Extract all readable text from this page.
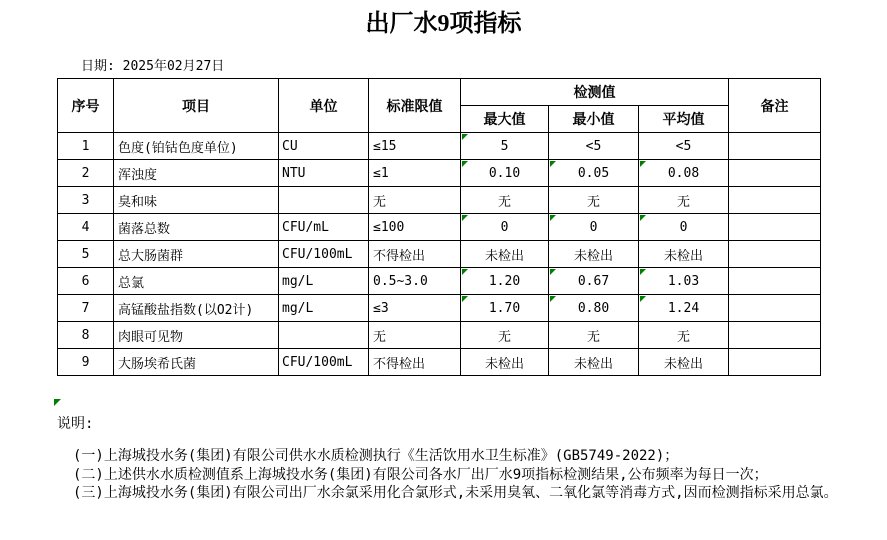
出厂水9项指标
日期: 2025年02月27日
序号	项目	单位	标准限值	检测值			备注
				最大值	最小值	平均值	
1	色度(铂钴色度单位)	CU	≤15	5	<5	<5	
2	浑浊度	NTU	≤1	0.10	0.05	0.08	
3	臭和味		无	无	无	无	
4	菌落总数	CFU/mL	≤100	0	0	0	
5	总大肠菌群	CFU/100mL	不得检出	未检出	未检出	未检出	
6	总氯	mg/L	0.5~3.0	1.20	0.67	1.03	
7	高锰酸盐指数(以O2计)	mg/L	≤3	1.70	0.80	1.24	
8	肉眼可见物		无	无	无	无	
9	大肠埃希氏菌	CFU/100mL	不得检出	未检出	未检出	未检出	
说明:
(一)上海城投水务(集团)有限公司供水水质检测执行《生活饮用水卫生标准》(GB5749-2022)；
(二)上述供水水质检测值系上海城投水务(集团)有限公司各水厂出厂水9项指标检测结果,公布频率为每日一次；
(三)上海城投水务(集团)有限公司出厂水余氯采用化合氯形式,未采用臭氧、二氧化氯等消毒方式,因而检测指标采用总氯。
